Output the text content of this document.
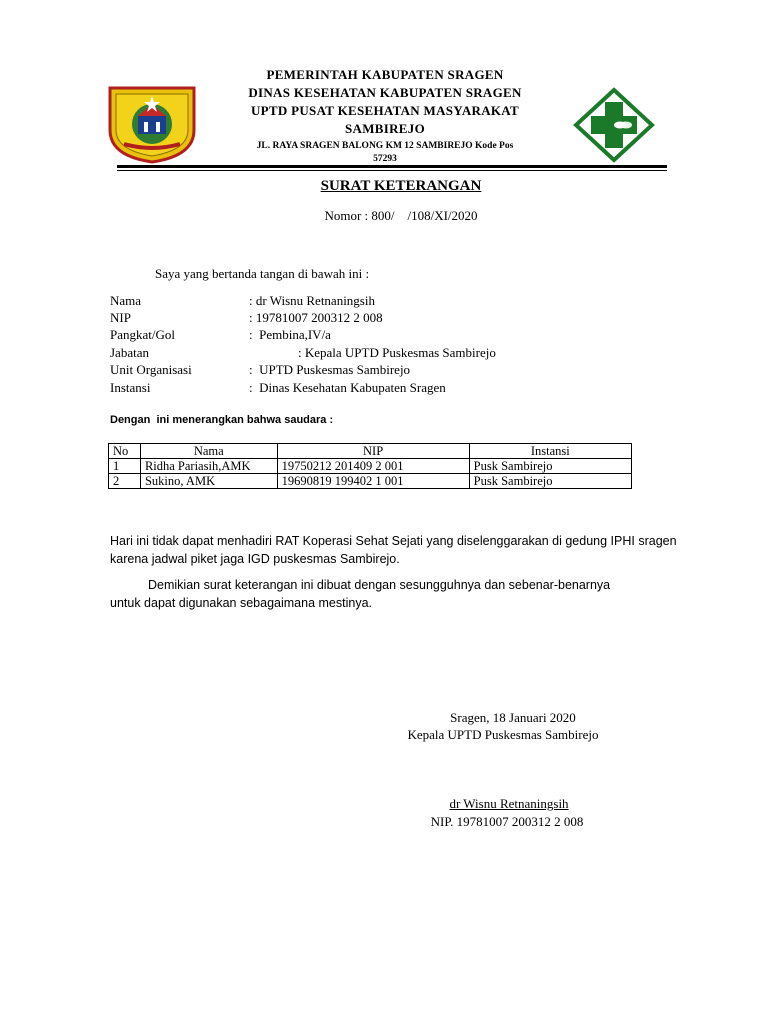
PEMERINTAH KABUPATEN SRAGEN
DINAS KESEHATAN KABUPATEN SRAGEN
UPTD PUSAT KESEHATAN MASYARAKAT
SAMBIREJO
JL. RAYA SRAGEN BALONG KM 12 SAMBIREJO Kode Pos
57293
SURAT KETERANGAN
Nomor : 800/    /108/XI/2020
Saya yang bertanda tangan di bawah ini :
Nama	: dr Wisnu Retnaningsih
NIP	: 19781007 200312 2 008
Pangkat/Gol	:  Pembina,IV/a
Jabatan	: Kepala UPTD Puskesmas Sambirejo
Unit Organisasi	:  UPTD Puskesmas Sambirejo
Instansi	:  Dinas Kesehatan Kabupaten Sragen
Dengan  ini menerangkan bahwa saudara :
No	Nama	NIP	Instansi
1	Ridha Pariasih,AMK	19750212 201409 2 001	Pusk Sambirejo
2	Sukino, AMK	19690819 199402 1 001	Pusk Sambirejo
Hari ini tidak dapat menhadiri RAT Koperasi Sehat Sejati yang diselenggarakan di gedung IPHI sragen karena jadwal piket jaga IGD puskesmas Sambirejo.
Demikian surat keterangan ini dibuat dengan sesungguhnya dan sebenar-benarnya
untuk dapat digunakan sebagaimana mestinya.
Sragen, 18 Januari 2020
Kepala UPTD Puskesmas Sambirejo
dr Wisnu Retnaningsih
NIP. 19781007 200312 2 008
